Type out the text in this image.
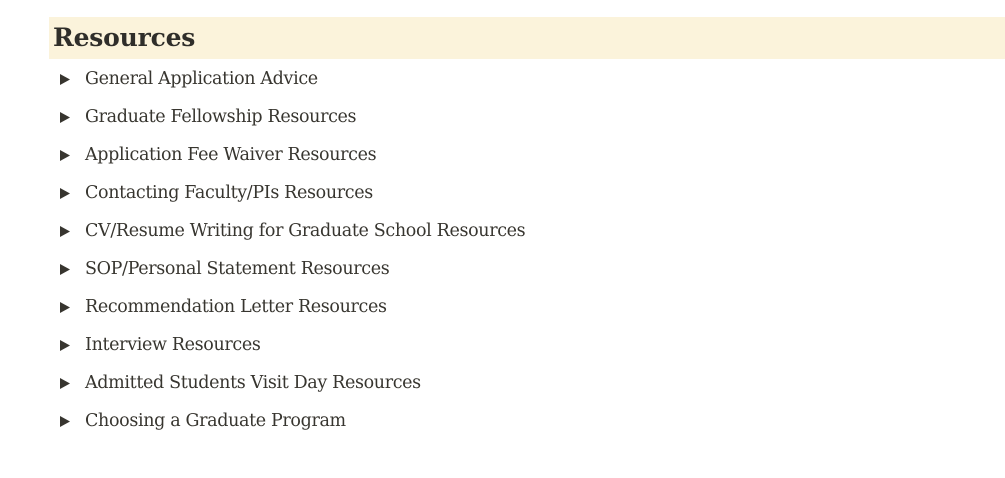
Resources
General Application Advice
Graduate Fellowship Resources
Application Fee Waiver Resources
Contacting Faculty/PIs Resources
CV/Resume Writing for Graduate School Resources
SOP/Personal Statement Resources
Recommendation Letter Resources
Interview Resources
Admitted Students Visit Day Resources
Choosing a Graduate Program
